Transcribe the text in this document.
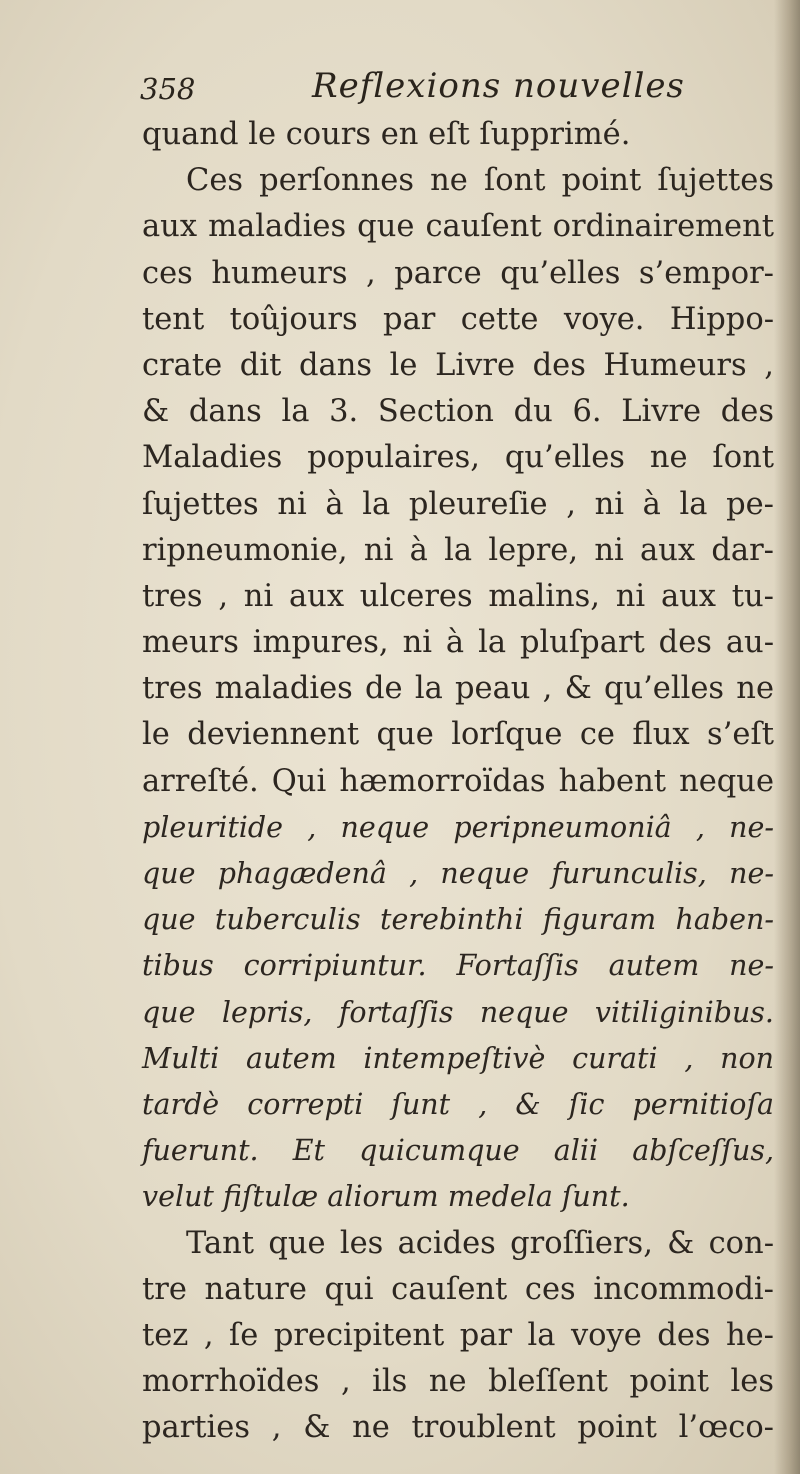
358	Reflexions nouvelles
quand le cours en eſt ſupprimé.
Ces perſonnes ne ſont point ſujettes
aux maladies que cauſent ordinairement
ces humeurs , parce qu’elles s’empor-
tent toûjours par cette voye. Hippo-
crate dit dans le Livre des Humeurs ,
& dans la 3. Section du 6. Livre des
Maladies populaires, qu’elles ne ſont
ſujettes ni à la pleureſie , ni à la pe-
ripneumonie, ni à la lepre, ni aux dar-
tres , ni aux ulceres malins, ni aux tu-
meurs impures, ni à la pluſpart des au-
tres maladies de la peau , & qu’elles ne
le deviennent que lorſque ce flux s’eſt
arreſté. Qui hæmorroïdas habent neque
pleuritide , neque peripneumoniâ , ne-
que phagædenâ , neque furunculis, ne-
que tuberculis terebinthi figuram haben-
tibus corripiuntur. Fortaſſis autem ne-
que lepris, fortaſſis neque vitiliginibus.
Multi autem intempeſtivè curati , non
tardè correpti ſunt , & ſic pernitioſa
fuerunt. Et quicumque alii abſceſſus,
velut fiſtulæ aliorum medela ſunt.
Tant que les acides groſſiers, & con-
tre nature qui cauſent ces incommodi-
tez , ſe precipitent par la voye des he-
morrhoïdes , ils ne bleſſent point les
parties , & ne troublent point l’œco-
